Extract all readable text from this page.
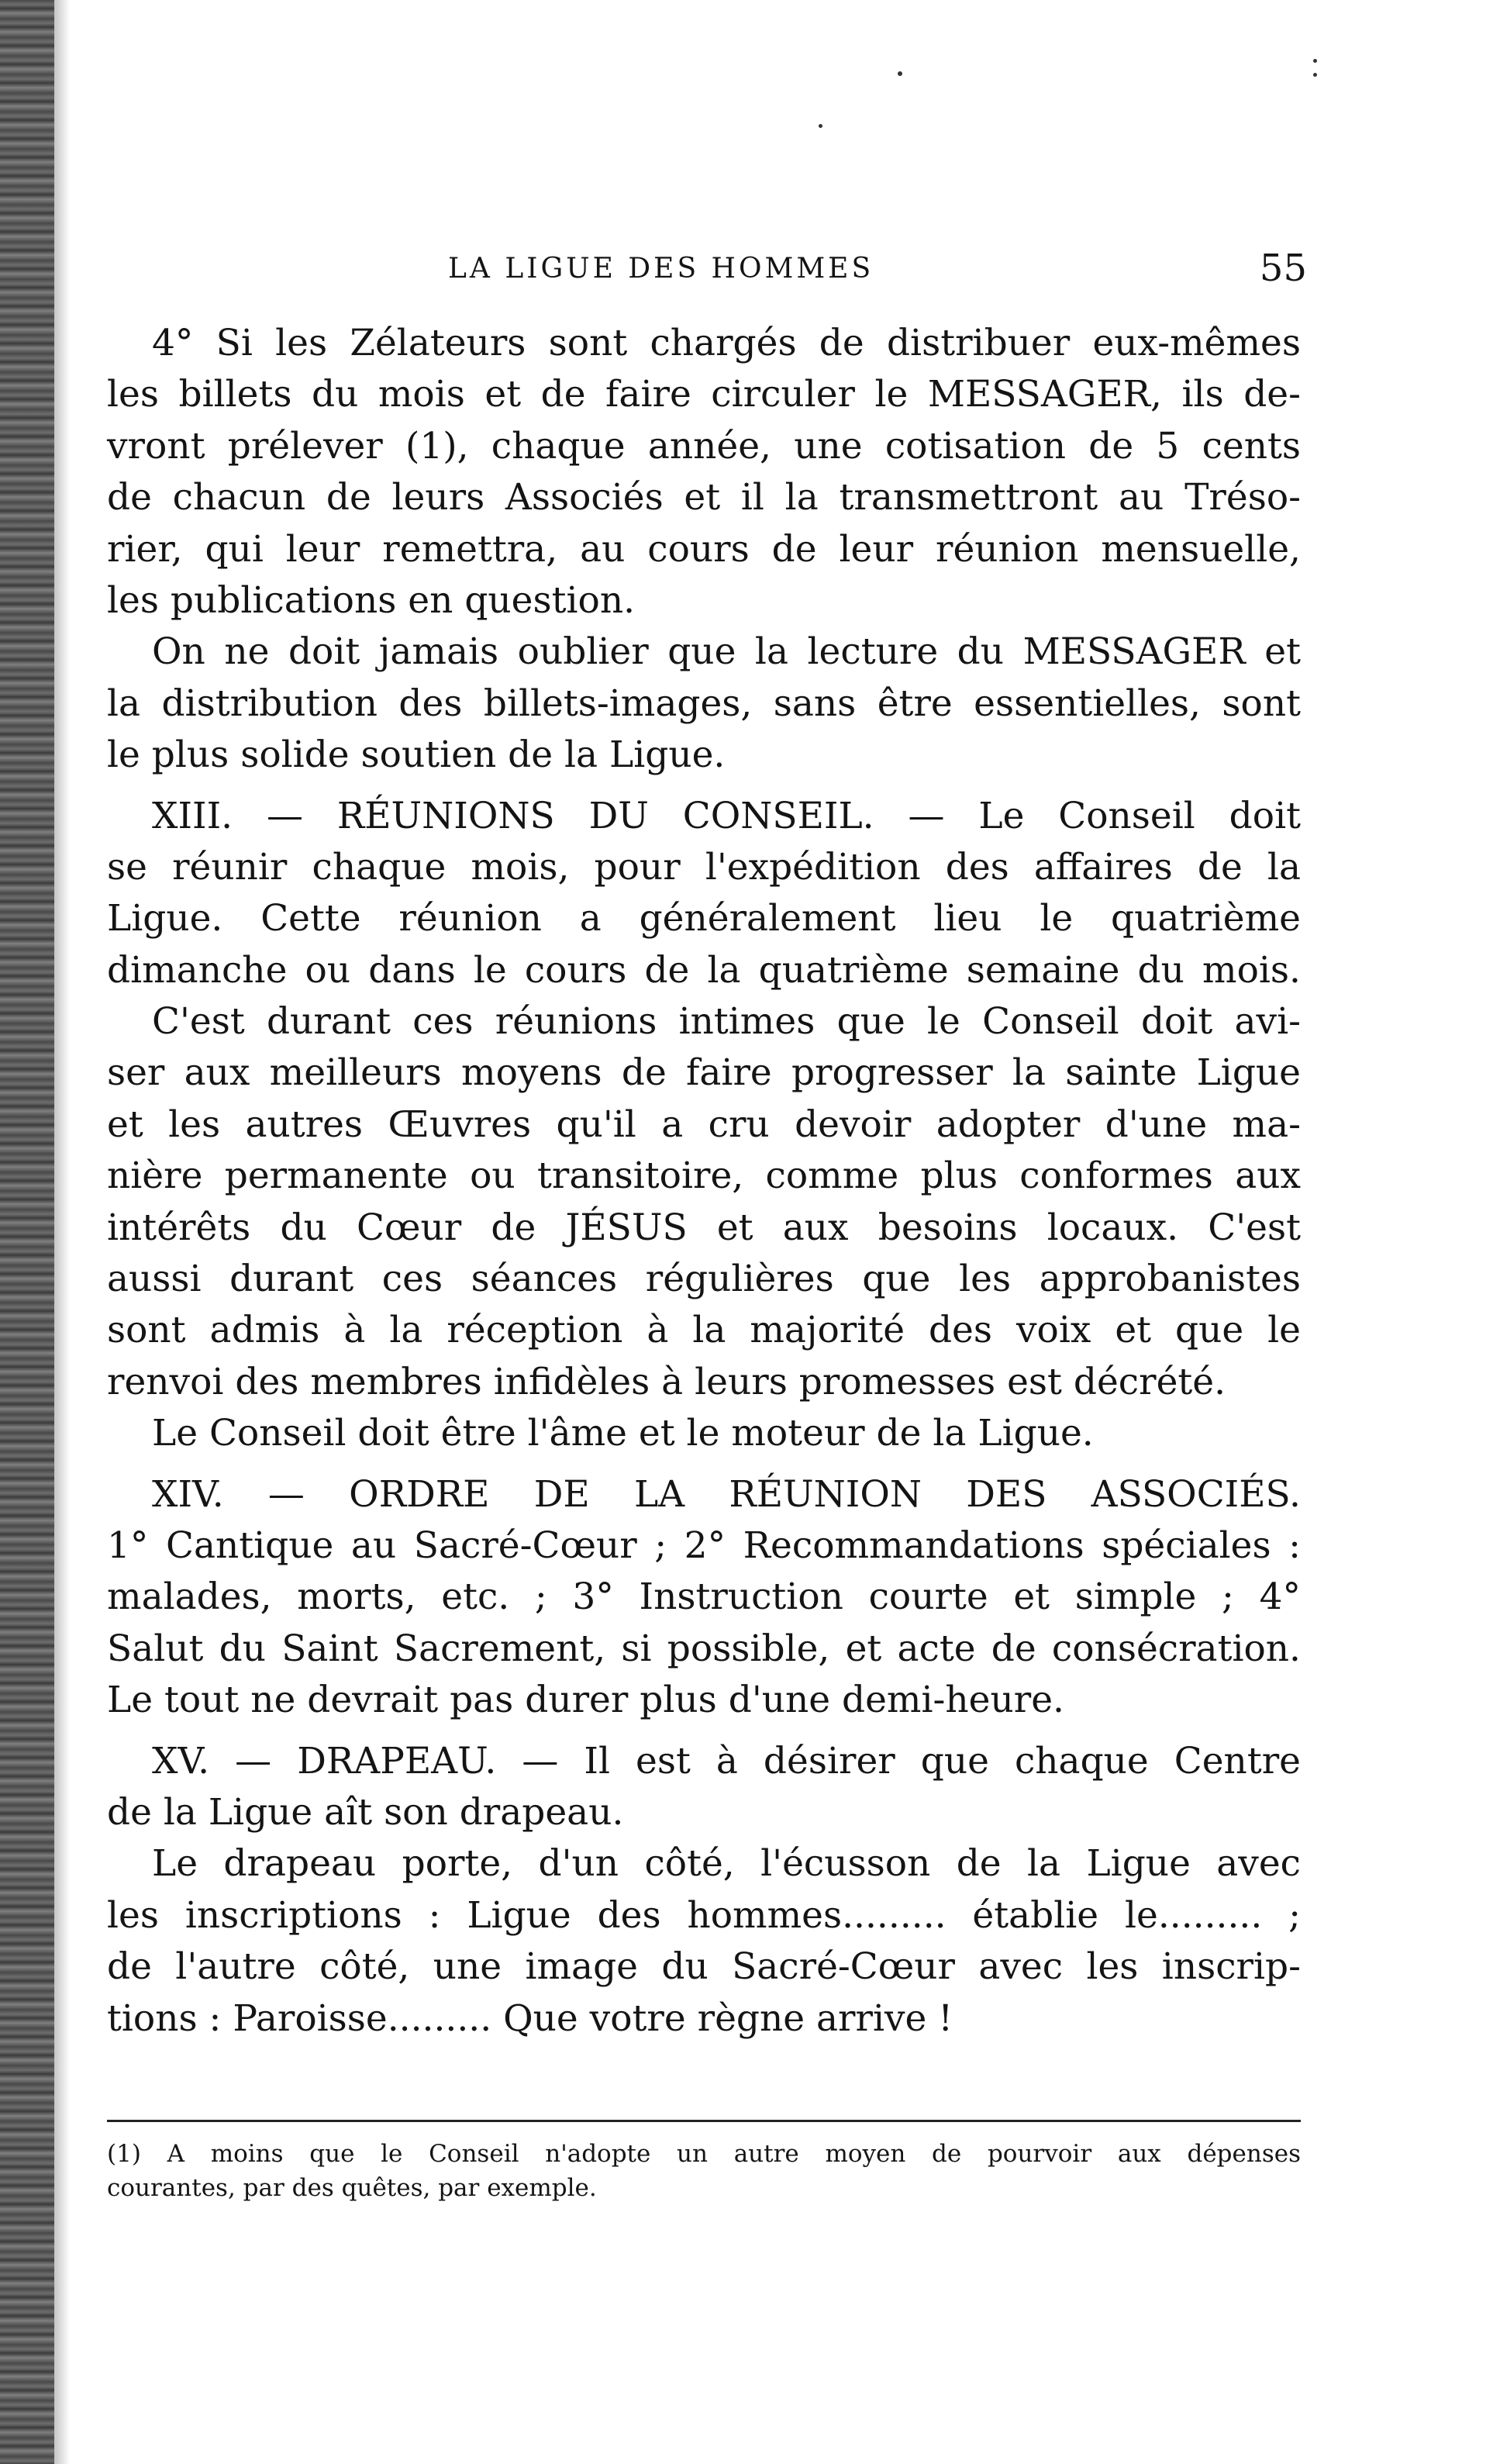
LA LIGUE DES HOMMES	55
4° Si les Zélateurs sont chargés de distribuer eux-mêmes
les billets du mois et de faire circuler le MESSAGER, ils de-
vront prélever (1), chaque année, une cotisation de 5 cents
de chacun de leurs Associés et il la transmettront au Tréso-
rier, qui leur remettra, au cours de leur réunion mensuelle,
les publications en question.
On ne doit jamais oublier que la lecture du MESSAGER et
la distribution des billets-images, sans être essentielles, sont
le plus solide soutien de la Ligue.
XIII. — RÉUNIONS DU CONSEIL. — Le Conseil doit
se réunir chaque mois, pour l'expédition des affaires de la
Ligue. Cette réunion a généralement lieu le quatrième
dimanche ou dans le cours de la quatrième semaine du mois.
C'est durant ces réunions intimes que le Conseil doit avi-
ser aux meilleurs moyens de faire progresser la sainte Ligue
et les autres Œuvres qu'il a cru devoir adopter d'une ma-
nière permanente ou transitoire, comme plus conformes aux
intérêts du Cœur de JÉSUS et aux besoins locaux. C'est
aussi durant ces séances régulières que les approbanistes
sont admis à la réception à la majorité des voix et que le
renvoi des membres infidèles à leurs promesses est décrété.
Le Conseil doit être l'âme et le moteur de la Ligue.
XIV. — ORDRE DE LA RÉUNION DES ASSOCIÉS.
1° Cantique au Sacré-Cœur ; 2° Recommandations spéciales :
malades, morts, etc. ; 3° Instruction courte et simple ; 4°
Salut du Saint Sacrement, si possible, et acte de consécration.
Le tout ne devrait pas durer plus d'une demi-heure.
XV. — DRAPEAU. — Il est à désirer que chaque Centre
de la Ligue aît son drapeau.
Le drapeau porte, d'un côté, l'écusson de la Ligue avec
les inscriptions : Ligue des hommes......... établie le......... ;
de l'autre côté, une image du Sacré-Cœur avec les inscrip-
tions : Paroisse......... Que votre règne arrive !
(1) A moins que le Conseil n'adopte un autre moyen de pourvoir aux dépenses
courantes, par des quêtes, par exemple.
